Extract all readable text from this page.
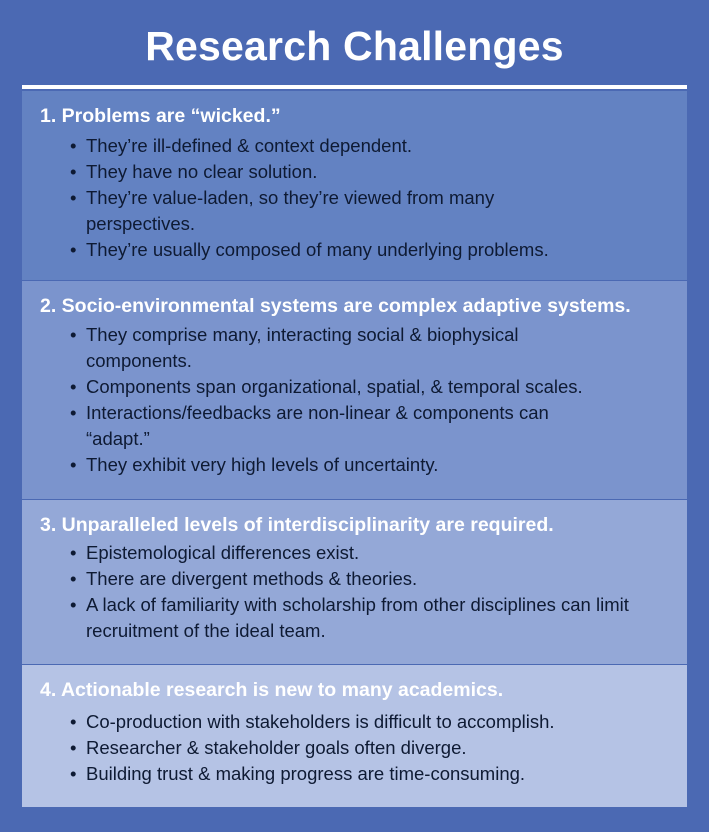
Research Challenges
1. Problems are “wicked.”
• They’re ill-defined & context dependent.
• They have no clear solution.
• They’re value-laden, so they’re viewed from many perspectives.
• They’re usually composed of many underlying problems.
2. Socio-environmental systems are complex adaptive systems.
• They comprise many, interacting social & biophysical components.
• Components span organizational, spatial, & temporal scales.
• Interactions/feedbacks are non-linear & components can “adapt.”
• They exhibit very high levels of uncertainty.
3. Unparalleled levels of interdisciplinarity are required.
• Epistemological differences exist.
• There are divergent methods & theories.
• A lack of familiarity with scholarship from other disciplines can limit recruitment of the ideal team.
4. Actionable research is new to many academics.
• Co-production with stakeholders is difficult to accomplish.
• Researcher & stakeholder goals often diverge.
• Building trust & making progress are time-consuming.
